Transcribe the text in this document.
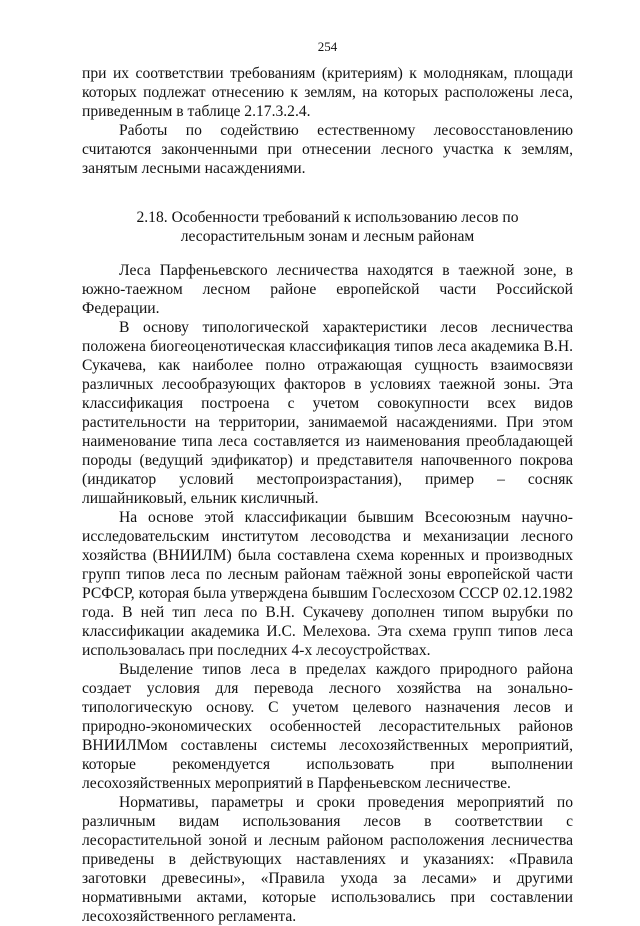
254

при их соответствии требованиям (критериям) к молоднякам, площади которых подлежат отнесению к землям, на которых расположены леса, приведенным в таблице 2.17.3.2.4.

Работы по содействию естественному лесовосстановлению считаются законченными при отнесении лесного участка к землям, занятым лесными насаждениями.

2.18. Особенности требований к использованию лесов по
лесорастительным зонам и лесным районам

Леса Парфеньевского лесничества находятся в таежной зоне, в южно-таежном лесном районе европейской части Российской Федерации.

В основу типологической характеристики лесов лесничества положена биогеоценотическая классификация типов леса академика В.Н. Сукачева, как наиболее полно отражающая сущность взаимосвязи различных лесообразующих факторов в условиях таежной зоны. Эта классификация построена с учетом совокупности всех видов растительности на территории, занимаемой насаждениями. При этом наименование типа леса составляется из наименования преобладающей породы (ведущий эдификатор) и представителя напочвенного покрова (индикатор условий местопроизрастания), пример – сосняк лишайниковый, ельник кисличный.

На основе этой классификации бывшим Всесоюзным научно-исследовательским институтом лесоводства и механизации лесного хозяйства (ВНИИЛМ) была составлена схема коренных и производных групп типов леса по лесным районам таёжной зоны европейской части РСФСР, которая была утверждена бывшим Гослесхозом СССР 02.12.1982 года. В ней тип леса по В.Н. Сукачеву дополнен типом вырубки по классификации академика И.С. Мелехова. Эта схема групп типов леса использовалась при последних 4-х лесоустройствах.

Выделение типов леса в пределах каждого природного района создает условия для перевода лесного хозяйства на зонально-типологическую основу. С учетом целевого назначения лесов и природно-экономических особенностей лесорастительных районов ВНИИЛМом составлены системы лесохозяйственных мероприятий, которые рекомендуется использовать при выполнении лесохозяйственных мероприятий в Парфеньевском лесничестве.

Нормативы, параметры и сроки проведения мероприятий по различным видам использования лесов в соответствии с лесорастительной зоной и лесным районом расположения лесничества приведены в действующих наставлениях и указаниях: «Правила заготовки древесины», «Правила ухода за лесами» и другими нормативными актами, которые использовались при составлении лесохозяйственного регламента.
